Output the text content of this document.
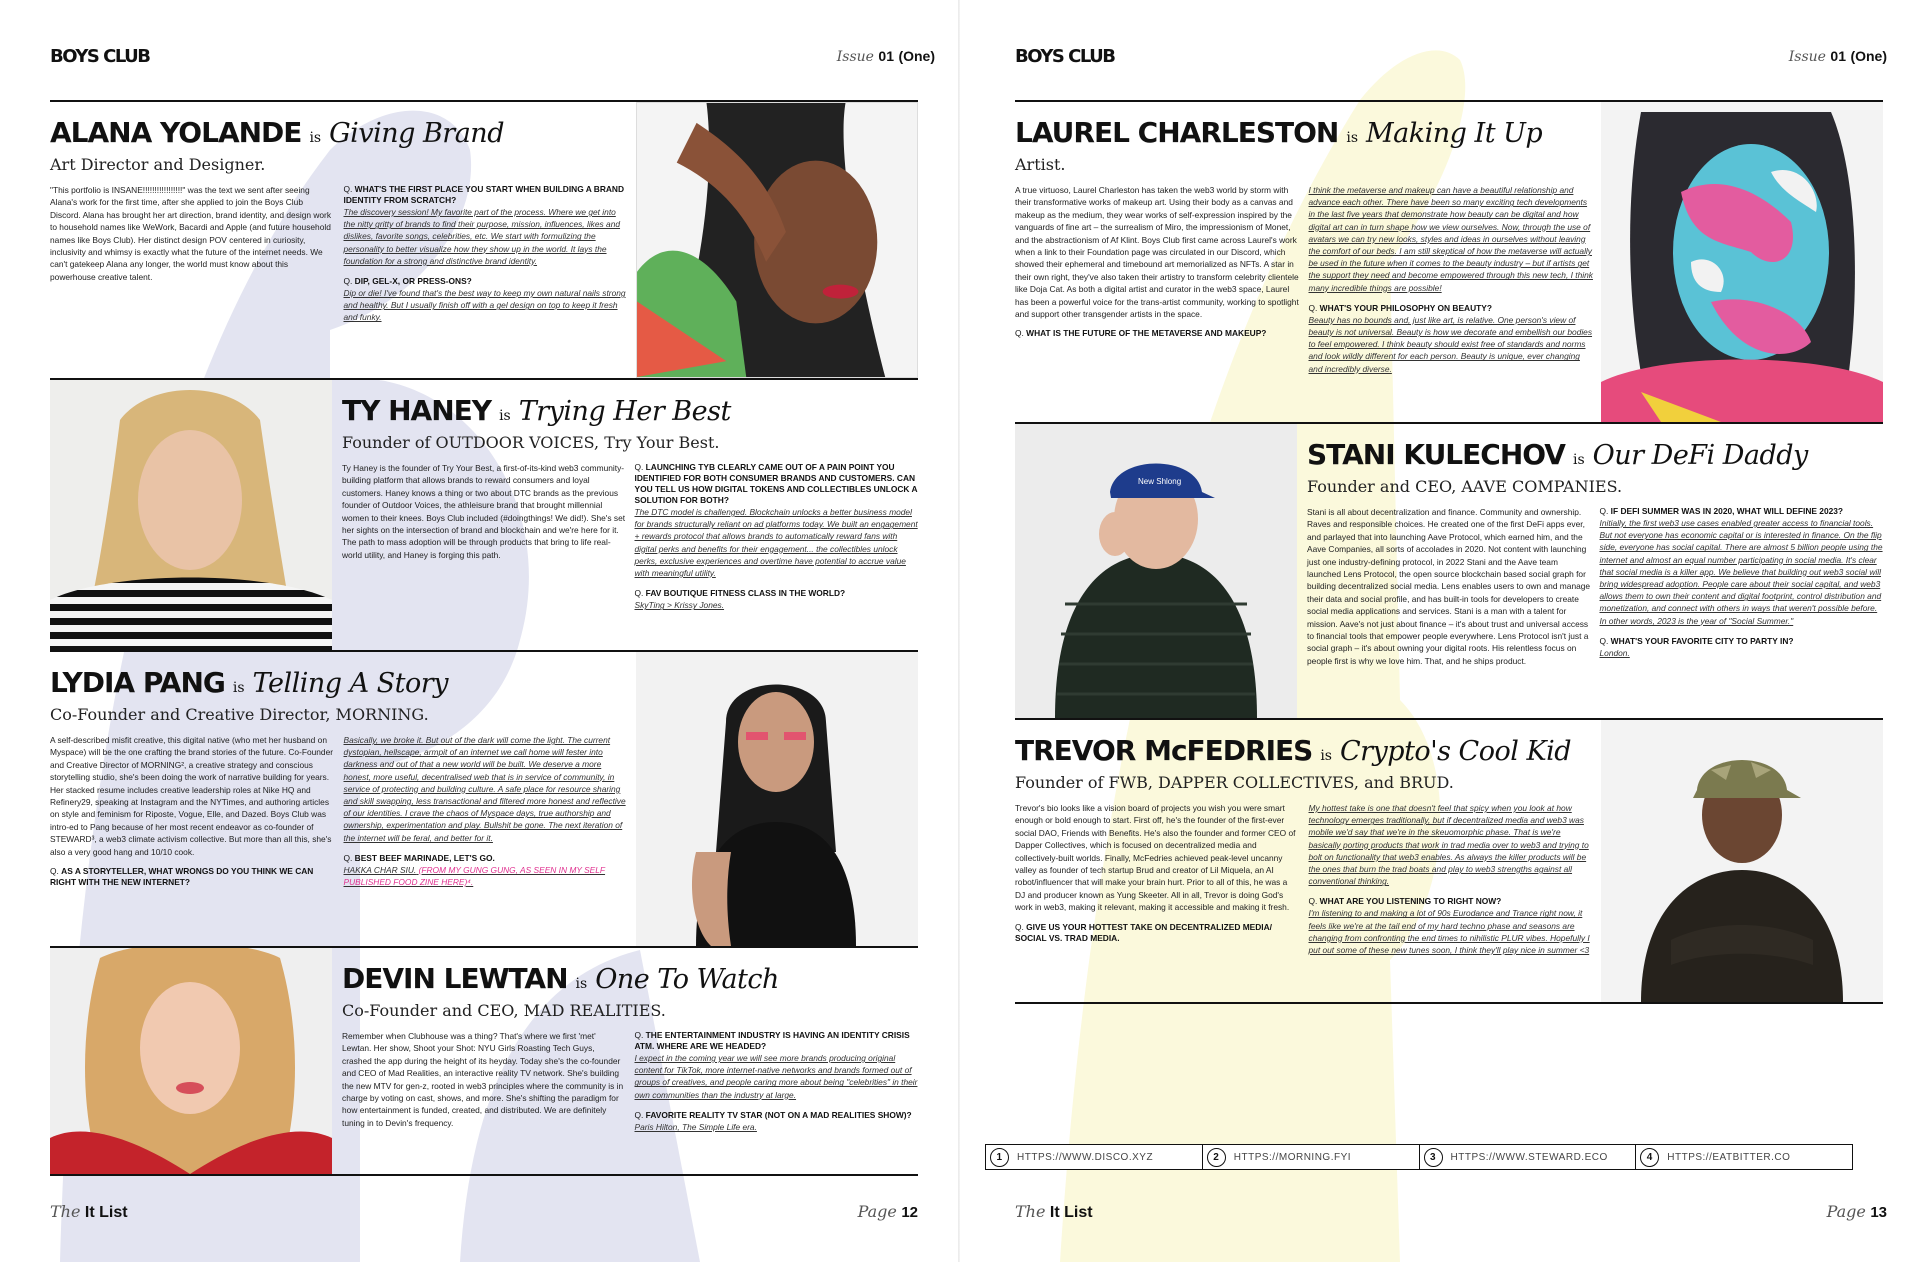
BOYS CLUB	Issue 01 (One)
ALANA YOLANDE is Giving Brand
Art Director and Designer.
"This portfolio is INSANE!!!!!!!!!!!!!!!!!" was the text we sent after seeing Alana's work for the first time, after she applied to join the Boys Club Discord. Alana has brought her art direction, brand identity, and design work to household names like WeWork, Bacardi and Apple (and future household names like Boys Club). Her distinct design POV centered in curiosity, inclusivity and whimsy is exactly what the future of the internet needs. We can't gatekeep Alana any longer, the world must know about this powerhouse creative talent.
Q. WHAT'S THE FIRST PLACE YOU START WHEN BUILDING A BRAND IDENTITY FROM SCRATCH?
The discovery session! My favorite part of the process. Where we get into the nitty gritty of brands to find their purpose, mission, influences, likes and dislikes, favorite songs, celebrities, etc. We start with formulizing the personality to better visualize how they show up in the world. It lays the foundation for a strong and distinctive brand identity.
Q. DIP, GEL-X, OR PRESS-ONS?
Dip or die! I've found that's the best way to keep my own natural nails strong and healthy. But I usually finish off with a gel design on top to keep it fresh and funky.
TY HANEY is Trying Her Best
Founder of OUTDOOR VOICES, Try Your Best.
Ty Haney is the founder of Try Your Best, a first-of-its-kind web3 community-building platform that allows brands to reward consumers and loyal customers. Haney knows a thing or two about DTC brands as the previous founder of Outdoor Voices, the athleisure brand that brought millennial women to their knees. Boys Club included (#doingthings! We did!). She's set her sights on the intersection of brand and blockchain and we're here for it. The path to mass adoption will be through products that bring to life real-world utility, and Haney is forging this path.
Q. LAUNCHING TYB CLEARLY CAME OUT OF A PAIN POINT YOU IDENTIFIED FOR BOTH CONSUMER BRANDS AND CUSTOMERS. CAN YOU TELL US HOW DIGITAL TOKENS AND COLLECTIBLES UNLOCK A SOLUTION FOR BOTH?
The DTC model is challenged. Blockchain unlocks a better business model for brands structurally reliant on ad platforms today. We built an engagement + rewards protocol that allows brands to automatically reward fans with digital perks and benefits for their engagement... the collectibles unlock perks, exclusive experiences and overtime have potential to accrue value with meaningful utility.
Q. FAV BOUTIQUE FITNESS CLASS IN THE WORLD?
SkyTing > Krissy Jones.
LYDIA PANG is Telling A Story
Co-Founder and Creative Director, MORNING.
A self-described misfit creative, this digital native (who met her husband on Myspace) will be the one crafting the brand stories of the future. Co-Founder and Creative Director of MORNING², a creative strategy and conscious storytelling studio, she's been doing the work of narrative building for years. Her stacked resume includes creative leadership roles at Nike HQ and Refinery29, speaking at Instagram and the NYTimes, and authoring articles on style and feminism for Riposte, Vogue, Elle, and Dazed. Boys Club was intro-ed to Pang because of her most recent endeavor as co-founder of STEWARD³, a web3 climate activism collective. But more than all this, she's also a very good hang and 10/10 cook.
Q. AS A STORYTELLER, WHAT WRONGS DO YOU THINK WE CAN RIGHT WITH THE NEW INTERNET?
Basically, we broke it. But out of the dark will come the light. The current dystopian, hellscape, armpit of an internet we call home will fester into darkness and out of that a new world will be built. We deserve a more honest, more useful, decentralised web that is in service of community, in service of protecting and building culture. A safe place for resource sharing and skill swapping, less transactional and filtered more honest and reflective of our identities. I crave the chaos of Myspace days, true authorship and ownership, experimentation and play. Bullshit be gone. The next iteration of the internet will be feral, and better for it.
Q. BEST BEEF MARINADE, LET'S GO.
HAKKA CHAR SIU. (FROM MY GUNG GUNG, AS SEEN IN MY SELF PUBLISHED FOOD ZINE HERE)⁴.
DEVIN LEWTAN is One To Watch
Co-Founder and CEO, MAD REALITIES.
Remember when Clubhouse was a thing? That's where we first 'met' Lewtan. Her show, Shoot your Shot: NYU Girls Roasting Tech Guys, crashed the app during the height of its heyday. Today she's the co-founder and CEO of Mad Realities, an interactive reality TV network. She's building the new MTV for gen-z, rooted in web3 principles where the community is in charge by voting on cast, shows, and more. She's shifting the paradigm for how entertainment is funded, created, and distributed. We are definitely tuning in to Devin's frequency.
Q. THE ENTERTAINMENT INDUSTRY IS HAVING AN IDENTITY CRISIS ATM. WHERE ARE WE HEADED?
I expect in the coming year we will see more brands producing original content for TikTok, more internet-native networks and brands formed out of groups of creatives, and people caring more about being "celebrities" in their own communities than the industry at large.
Q. FAVORITE REALITY TV STAR (NOT ON A MAD REALITIES SHOW)?
Paris Hilton, The Simple Life era.
The It List	Page 12
BOYS CLUB	Issue 01 (One)
LAUREL CHARLESTON is Making It Up
Artist.
A true virtuoso, Laurel Charleston has taken the web3 world by storm with their transformative works of makeup art. Using their body as a canvas and makeup as the medium, they wear works of self-expression inspired by the vanguards of fine art – the surrealism of Miro, the impressionism of Monet, and the abstractionism of Af Klint. Boys Club first came across Laurel's work when a link to their Foundation page was circulated in our Discord, which showed their ephemeral and timebound art memorialized as NFTs. A star in their own right, they've also taken their artistry to transform celebrity clientele like Doja Cat. As both a digital artist and curator in the web3 space, Laurel has been a powerful voice for the trans-artist community, working to spotlight and support other transgender artists in the space.
Q. WHAT IS THE FUTURE OF THE METAVERSE AND MAKEUP?
I think the metaverse and makeup can have a beautiful relationship and advance each other. There have been so many exciting tech developments in the last five years that demonstrate how beauty can be digital and how digital art can in turn shape how we view ourselves. Now, through the use of avatars we can try new looks, styles and ideas in ourselves without leaving the comfort of our beds. I am still skeptical of how the metaverse will actually be used in the future when it comes to the beauty industry – but if artists get the support they need and become empowered through this new tech, I think many incredible things are possible!
Q. WHAT'S YOUR PHILOSOPHY ON BEAUTY?
Beauty has no bounds and, just like art, is relative. One person's view of beauty is not universal. Beauty is how we decorate and embellish our bodies to feel empowered. I think beauty should exist free of standards and norms and look wildly different for each person. Beauty is unique, ever changing and incredibly diverse.
New Shlong
STANI KULECHOV is Our DeFi Daddy
Founder and CEO, AAVE COMPANIES.
Stani is all about decentralization and finance. Community and ownership. Raves and responsible choices. He created one of the first DeFi apps ever, and parlayed that into launching Aave Protocol, which earned him, and the Aave Companies, all sorts of accolades in 2020. Not content with launching just one industry-defining protocol, in 2022 Stani and the Aave team launched Lens Protocol, the open source blockchain based social graph for building decentralized social media. Lens enables users to own and manage their data and social profile, and has built-in tools for developers to create social media applications and services. Stani is a man with a talent for mission. Aave's not just about finance – it's about trust and universal access to financial tools that empower people everywhere. Lens Protocol isn't just a social graph – it's about owning your digital roots. His relentless focus on people first is why we love him. That, and he ships product.
Q. IF DEFI SUMMER WAS IN 2020, WHAT WILL DEFINE 2023?
Initially, the first web3 use cases enabled greater access to financial tools. But not everyone has economic capital or is interested in finance. On the flip side, everyone has social capital. There are almost 5 billion people using the internet and almost an equal number participating in social media. It's clear that social media is a killer app. We believe that building out web3 social will bring widespread adoption. People care about their social capital, and web3 allows them to own their content and digital footprint, control distribution and monetization, and connect with others in ways that weren't possible before. In other words, 2023 is the year of "Social Summer."
Q. WHAT'S YOUR FAVORITE CITY TO PARTY IN?
London.
TREVOR McFEDRIES is Crypto's Cool Kid
Founder of FWB, DAPPER COLLECTIVES, and BRUD.
Trevor's bio looks like a vision board of projects you wish you were smart enough or bold enough to start. First off, he's the founder of the first-ever social DAO, Friends with Benefits. He's also the founder and former CEO of Dapper Collectives, which is focused on decentralized media and collectively-built worlds. Finally, McFedries achieved peak-level uncanny valley as founder of tech startup Brud and creator of Lil Miquela, an AI robot/influencer that will make your brain hurt. Prior to all of this, he was a DJ and producer known as Yung Skeeter. All in all, Trevor is doing God's work in web3, making it relevant, making it accessible and making it fresh.
Q. GIVE US YOUR HOTTEST TAKE ON DECENTRALIZED MEDIA/ SOCIAL VS. TRAD MEDIA.
My hottest take is one that doesn't feel that spicy when you look at how technology emerges traditionally, but if decentralized media and web3 was mobile we'd say that we're in the skeuomorphic phase. That is we're basically porting products that work in trad media over to web3 and trying to bolt on functionality that web3 enables. As always the killer products will be the ones that burn the trad boats and play to web3 strengths against all conventional thinking.
Q. WHAT ARE YOU LISTENING TO RIGHT NOW?
I'm listening to and making a lot of 90s Eurodance and Trance right now, it feels like we're at the tail end of my hard techno phase and seasons are changing from confronting the end times to nihilistic PLUR vibes. Hopefully I put out some of these new tunes soon, I think they'll play nice in summer <3
1	HTTPS://WWW.DISCO.XYZ	2	HTTPS://MORNING.FYI	3	HTTPS://WWW.STEWARD.ECO	4	HTTPS://EATBITTER.CO
The It List	Page 13
